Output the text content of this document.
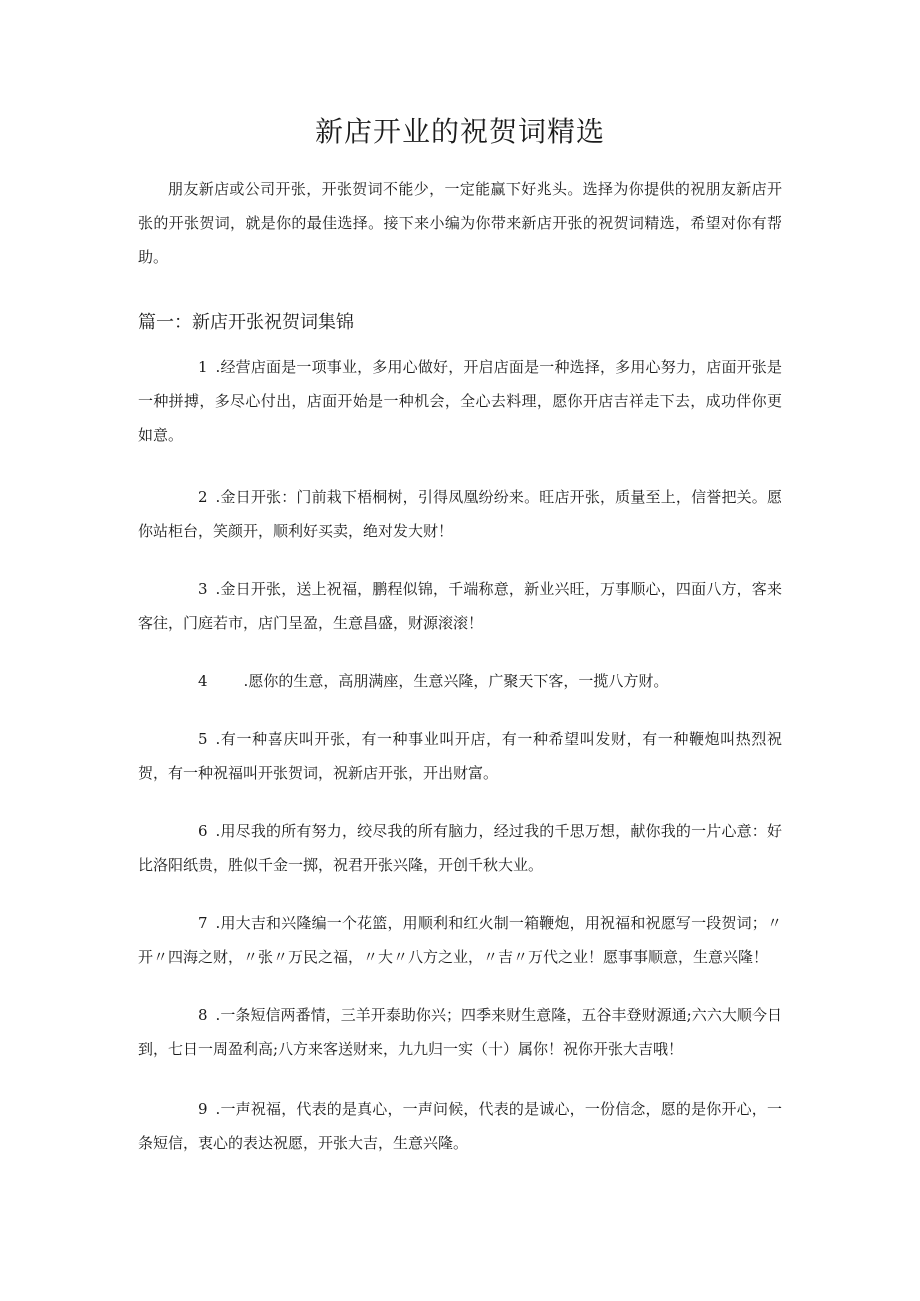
新店开业的祝贺词精选

朋友新店或公司开张，开张贺词不能少，一定能赢下好兆头。选择为你提供的祝朋友新店开张的开张贺词，就是你的最佳选择。接下来小编为你带来新店开张的祝贺词精选，希望对你有帮助。

篇一：新店开张祝贺词集锦

1 .经营店面是一项事业，多用心做好，开启店面是一种选择，多用心努力，店面开张是一种拼搏，多尽心付出，店面开始是一种机会，全心去料理，愿你开店吉祥走下去，成功伴你更如意。

2 .金日开张：门前栽下梧桐树，引得凤凰纷纷来。旺店开张，质量至上，信誉把关。愿你站柜台，笑颜开，顺利好买卖，绝对发大财！

3 .金日开张，送上祝福，鹏程似锦，千端称意，新业兴旺，万事顺心，四面八方，客来客往，门庭若市，店门呈盈，生意昌盛，财源滚滚！

4 .愿你的生意，高朋满座，生意兴隆，广聚天下客，一揽八方财。

5 .有一种喜庆叫开张，有一种事业叫开店，有一种希望叫发财，有一种鞭炮叫热烈祝贺，有一种祝福叫开张贺词，祝新店开张，开出财富。

6 .用尽我的所有努力，绞尽我的所有脑力，经过我的千思万想，献你我的一片心意：好比洛阳纸贵，胜似千金一掷，祝君开张兴隆，开创千秋大业。

7 .用大吉和兴隆编一个花篮，用顺利和红火制一箱鞭炮，用祝福和祝愿写一段贺词；〃开〃四海之财，〃张〃万民之福，〃大〃八方之业，〃吉〃万代之业！愿事事顺意，生意兴隆！

8 .一条短信两番情，三羊开泰助你兴；四季来财生意隆，五谷丰登财源通;六六大顺今日到，七日一周盈利高;八方来客送财来，九九归一实（十）属你！祝你开张大吉哦！

9 .一声祝福，代表的是真心，一声问候，代表的是诚心，一份信念，愿的是你开心，一条短信，衷心的表达祝愿，开张大吉，生意兴隆。
